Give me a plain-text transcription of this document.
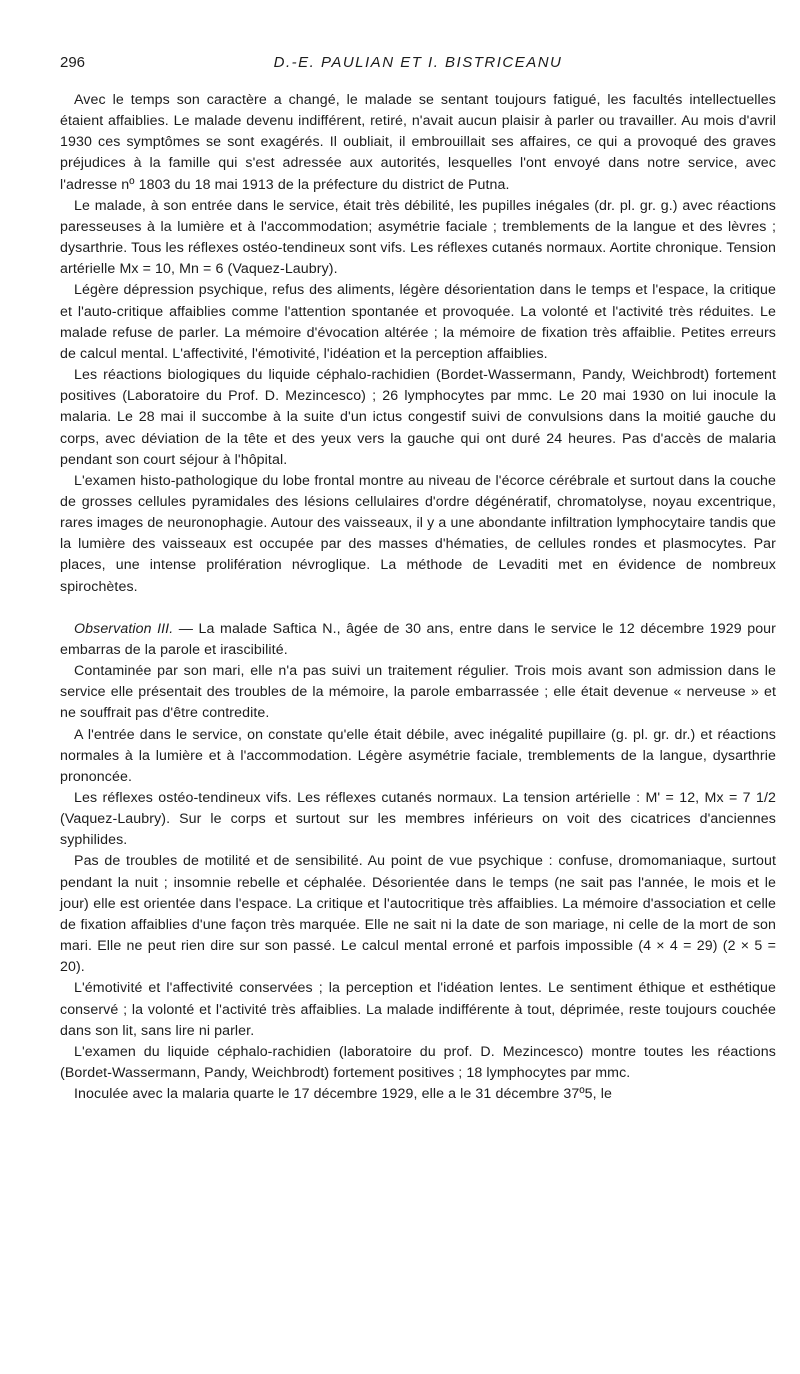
296	D.-E. PAULIAN ET I. BISTRICEANU

Avec le temps son caractère a changé, le malade se sentant toujours fatigué, les facultés intellectuelles étaient affaiblies. Le malade devenu indifférent, retiré, n'avait aucun plaisir à parler ou travailler. Au mois d'avril 1930 ces symptômes se sont exagérés. Il oubliait, il embrouillait ses affaires, ce qui a provoqué des graves préjudices à la famille qui s'est adressée aux autorités, lesquelles l'ont envoyé dans notre service, avec l'adresse nº 1803 du 18 mai 1913 de la préfecture du district de Putna.

Le malade, à son entrée dans le service, était très débilité, les pupilles inégales (dr. pl. gr. g.) avec réactions paresseuses à la lumière et à l'accommodation; asymétrie faciale ; tremblements de la langue et des lèvres ; dysarthrie. Tous les réflexes ostéo-tendineux sont vifs. Les réflexes cutanés normaux. Aortite chronique. Tension artérielle Mx = 10, Mn = 6 (Vaquez-Laubry).

Légère dépression psychique, refus des aliments, légère désorientation dans le temps et l'espace, la critique et l'auto-critique affaiblies comme l'attention spontanée et provoquée. La volonté et l'activité très réduites. Le malade refuse de parler. La mémoire d'évocation altérée ; la mémoire de fixation très affaiblie. Petites erreurs de calcul mental. L'affectivité, l'émotivité, l'idéation et la perception affaiblies.

Les réactions biologiques du liquide céphalo-rachidien (Bordet-Wassermann, Pandy, Weichbrodt) fortement positives (Laboratoire du Prof. D. Mezincesco) ; 26 lymphocytes par mmc. Le 20 mai 1930 on lui inocule la malaria. Le 28 mai il succombe à la suite d'un ictus congestif suivi de convulsions dans la moitié gauche du corps, avec déviation de la tête et des yeux vers la gauche qui ont duré 24 heures. Pas d'accès de malaria pendant son court séjour à l'hôpital.

L'examen histo-pathologique du lobe frontal montre au niveau de l'écorce cérébrale et surtout dans la couche de grosses cellules pyramidales des lésions cellulaires d'ordre dégénératif, chromatolyse, noyau excentrique, rares images de neuronophagie. Autour des vaisseaux, il y a une abondante infiltration lymphocytaire tandis que la lumière des vaisseaux est occupée par des masses d'hématies, de cellules rondes et plasmocytes. Par places, une intense prolifération névroglique. La méthode de Levaditi met en évidence de nombreux spirochètes.

Observation III. — La malade Saftica N., âgée de 30 ans, entre dans le service le 12 décembre 1929 pour embarras de la parole et irascibilité.

Contaminée par son mari, elle n'a pas suivi un traitement régulier. Trois mois avant son admission dans le service elle présentait des troubles de la mémoire, la parole embarrassée ; elle était devenue « nerveuse » et ne souffrait pas d'être contredite.

A l'entrée dans le service, on constate qu'elle était débile, avec inégalité pupillaire (g. pl. gr. dr.) et réactions normales à la lumière et à l'accommodation. Légère asymétrie faciale, tremblements de la langue, dysarthrie prononcée.

Les réflexes ostéo-tendineux vifs. Les réflexes cutanés normaux. La tension artérielle : M' = 12, Mx = 7 1/2 (Vaquez-Laubry). Sur le corps et surtout sur les membres inférieurs on voit des cicatrices d'anciennes syphilides.

Pas de troubles de motilité et de sensibilité. Au point de vue psychique : confuse, dromomaniaque, surtout pendant la nuit ; insomnie rebelle et céphalée. Désorientée dans le temps (ne sait pas l'année, le mois et le jour) elle est orientée dans l'espace. La critique et l'autocritique très affaiblies. La mémoire d'association et celle de fixation affaiblies d'une façon très marquée. Elle ne sait ni la date de son mariage, ni celle de la mort de son mari. Elle ne peut rien dire sur son passé. Le calcul mental erroné et parfois impossible (4 × 4 = 29) (2 × 5 = 20).

L'émotivité et l'affectivité conservées ; la perception et l'idéation lentes. Le sentiment éthique et esthétique conservé ; la volonté et l'activité très affaiblies. La malade indifférente à tout, déprimée, reste toujours couchée dans son lit, sans lire ni parler.

L'examen du liquide céphalo-rachidien (laboratoire du prof. D. Mezincesco) montre toutes les réactions (Bordet-Wassermann, Pandy, Weichbrodt) fortement positives ; 18 lymphocytes par mmc.

Inoculée avec la malaria quarte le 17 décembre 1929, elle a le 31 décembre 37º5, le
